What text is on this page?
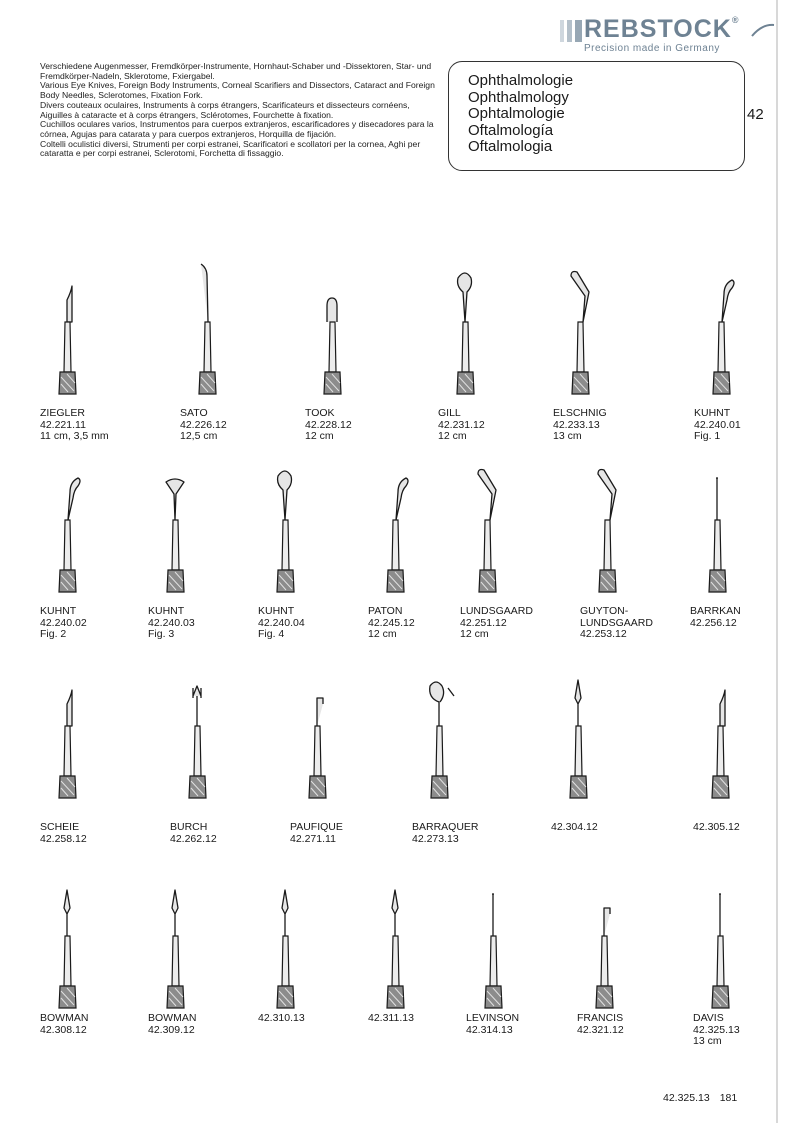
REBSTOCK®
Precision made in Germany

Verschiedene Augenmesser, Fremdkörper-Instrumente, Hornhaut-Schaber und -Dissektoren, Star- und Fremdkörper-Nadeln, Sklerotome, Fxiergabel.

Various Eye Knives, Foreign Body Instruments, Corneal Scarifiers and Dissectors, Cataract and Foreign Body Needles, Sclerotomes, Fixation Fork.

Divers couteaux oculaires, Instruments à corps étrangers, Scarificateurs et dissecteurs cornéens, Aiguilles à cataracte et à corps étrangers, Sclérotomes, Fourchette à fixation.

Cuchillos oculares varios, Instrumentos para cuerpos extranjeros, escarificadores y disecadores para la córnea, Agujas para catarata y para cuerpos extranjeros, Horquilla de fijación.

Coltelli oculistici diversi, Strumenti per corpi estranei, Scarificatori e scollatori per la cornea, Aghi per cataratta e per corpi estranei, Sclerotomi, Forchetta di fissaggio.

Ophthalmologie
Ophthalmology
Ophtalmologie
Oftalmología
Oftalmologia
42
ZIEGLER
42.221.11
11 cm, 3,5 mm
SATO
42.226.12
12,5 cm
TOOK
42.228.12
12 cm
GILL
42.231.12
12 cm
ELSCHNIG
42.233.13
13 cm
KUHNT
42.240.01
Fig. 1
KUHNT
42.240.02
Fig. 2
KUHNT
42.240.03
Fig. 3
KUHNT
42.240.04
Fig. 4
PATON
42.245.12
12 cm
LUNDSGAARD
42.251.12
12 cm
GUYTON-
LUNDSGAARD
42.253.12
BARRKAN
42.256.12
SCHEIE
42.258.12
BURCH
42.262.12
PAUFIQUE
42.271.11
BARRAQUER
42.273.13
42.304.12	42.305.12
BOWMAN
42.308.12
BOWMAN
42.309.12
42.310.13	42.311.13	LEVINSON
42.314.13
FRANCIS
42.321.12
DAVIS
42.325.13
13 cm
42.325.13 181
